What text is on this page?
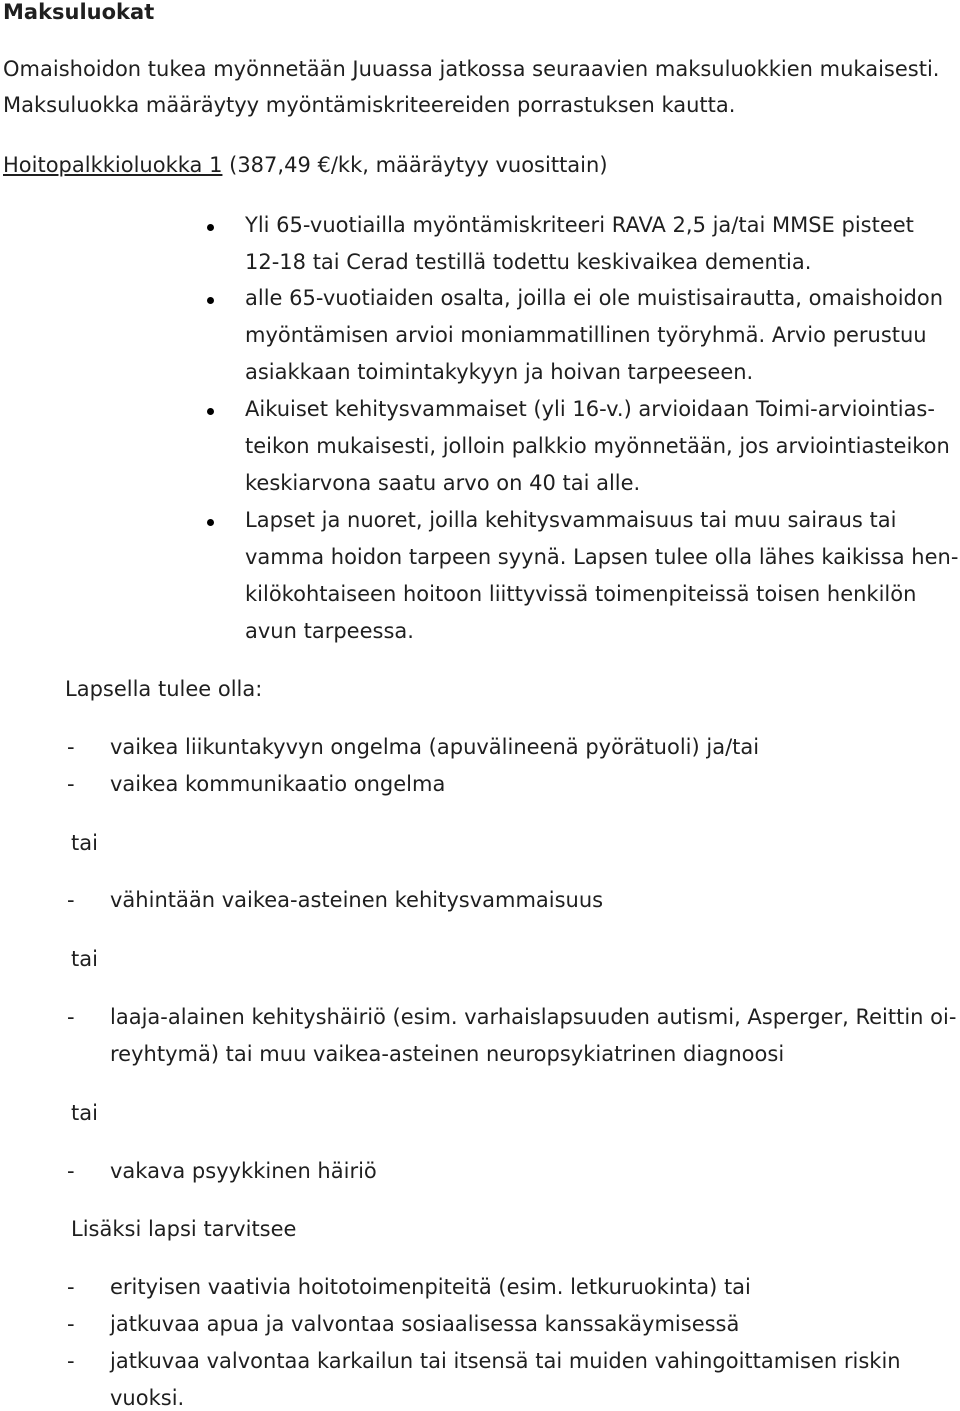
Maksuluokat
Omaishoidon tukea myönnetään Juuassa jatkossa seuraavien maksuluokkien mukaisesti.
Maksuluokka määräytyy myöntämiskriteereiden porrastuksen kautta.
Hoitopalkkioluokka 1 (387,49 €/kk, määräytyy vuosittain)
Yli 65-vuotiailla myöntämiskriteeri RAVA 2,5 ja/tai MMSE pisteet
12-18 tai Cerad testillä todettu keskivaikea dementia.
alle 65-vuotiaiden osalta, joilla ei ole muistisairautta, omaishoidon
myöntämisen arvioi moniammatillinen työryhmä. Arvio perustuu
asiakkaan toimintakykyyn ja hoivan tarpeeseen.
Aikuiset kehitysvammaiset (yli 16-v.) arvioidaan Toimi-arviointias-
teikon mukaisesti, jolloin palkkio myönnetään, jos arviointiasteikon
keskiarvona saatu arvo on 40 tai alle.
Lapset ja nuoret, joilla kehitysvammaisuus tai muu sairaus tai
vamma hoidon tarpeen syynä. Lapsen tulee olla lähes kaikissa hen-
kilökohtaiseen hoitoon liittyvissä toimenpiteissä toisen henkilön
avun tarpeessa.
Lapsella tulee olla:
- vaikea liikuntakyvyn ongelma (apuvälineenä pyörätuoli) ja/tai
- vaikea kommunikaatio ongelma
tai
- vähintään vaikea-asteinen kehitysvammaisuus
tai
- laaja-alainen kehityshäiriö (esim. varhaislapsuuden autismi, Asperger, Reittin oi-
reyhtymä) tai muu vaikea-asteinen neuropsykiatrinen diagnoosi
tai
- vakava psyykkinen häiriö
Lisäksi lapsi tarvitsee
- erityisen vaativia hoitotoimenpiteitä (esim. letkuruokinta) tai
- jatkuvaa apua ja valvontaa sosiaalisessa kanssakäymisessä
- jatkuvaa valvontaa karkailun tai itsensä tai muiden vahingoittamisen riskin
vuoksi.
